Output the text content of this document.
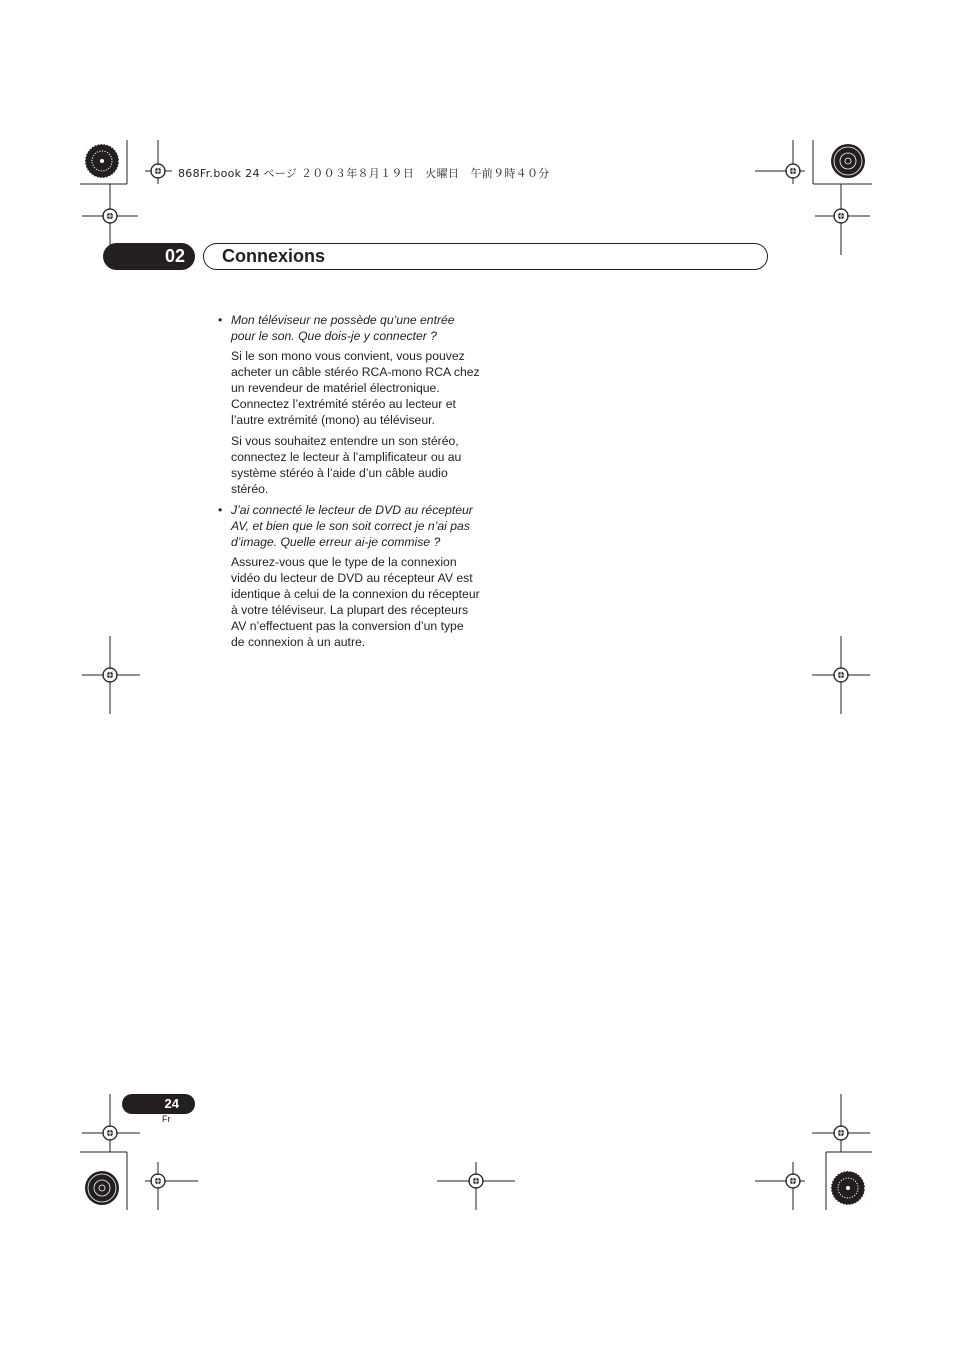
868Fr.book 24 ページ ２００３年８月１９日　火曜日　午前９時４０分
02	Connexions
• Mon téléviseur ne possède qu’une entrée pour le son. Que dois-je y connecter ?

Si le son mono vous convient, vous pouvez acheter un câble stéréo RCA-mono RCA chez un revendeur de matériel électronique. Connectez l’extrémité stéréo au lecteur et l’autre extrémité (mono) au téléviseur.

Si vous souhaitez entendre un son stéréo, connectez le lecteur à l’amplificateur ou au système stéréo à l’aide d’un câble audio stéréo.

• J’ai connecté le lecteur de DVD au récepteur AV, et bien que le son soit correct je n’ai pas d’image. Quelle erreur ai-je commise ?

Assurez-vous que le type de la connexion vidéo du lecteur de DVD au récepteur AV est identique à celui de la connexion du récepteur à votre téléviseur. La plupart des récepteurs AV n’effectuent pas la conversion d’un type de connexion à un autre.

24
Fr
